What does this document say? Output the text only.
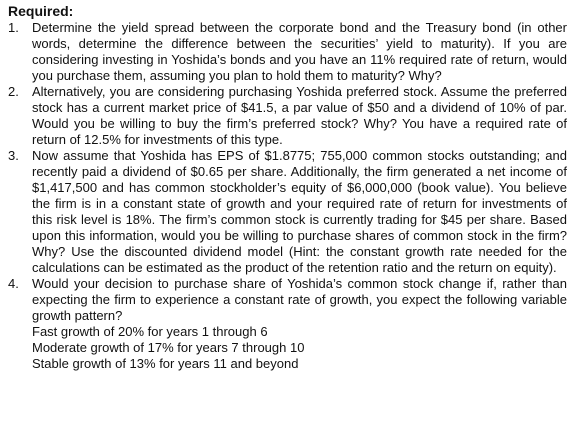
Required:
1.	Determine the yield spread between the corporate bond and the Treasury bond (in other words, determine the difference between the securities’ yield to maturity). If you are considering investing in Yoshida’s bonds and you have an 11% required rate of return, would you purchase them, assuming you plan to hold them to maturity? Why?
2.	Alternatively, you are considering purchasing Yoshida preferred stock. Assume the preferred stock has a current market price of $41.5, a par value of $50 and a dividend of 10% of par. Would you be willing to buy the firm’s preferred stock? Why? You have a required rate of return of 12.5% for investments of this type.
3.	Now assume that Yoshida has EPS of $1.8775; 755,000 common stocks outstanding; and recently paid a dividend of $0.65 per share. Additionally, the firm generated a net income of $1,417,500 and has common stockholder’s equity of $6,000,000 (book value). You believe the firm is in a constant state of growth and your required rate of return for investments of this risk level is 18%. The firm’s common stock is currently trading for $45 per share. Based upon this information, would you be willing to purchase shares of common stock in the firm? Why? Use the discounted dividend model (Hint: the constant growth rate needed for the calculations can be estimated as the product of the retention ratio and the return on equity).
4.	Would your decision to purchase share of Yoshida’s common stock change if, rather than expecting the firm to experience a constant rate of growth, you expect the following variable growth pattern?
Fast growth of 20% for years 1 through 6
Moderate growth of 17% for years 7 through 10
Stable growth of 13% for years 11 and beyond
